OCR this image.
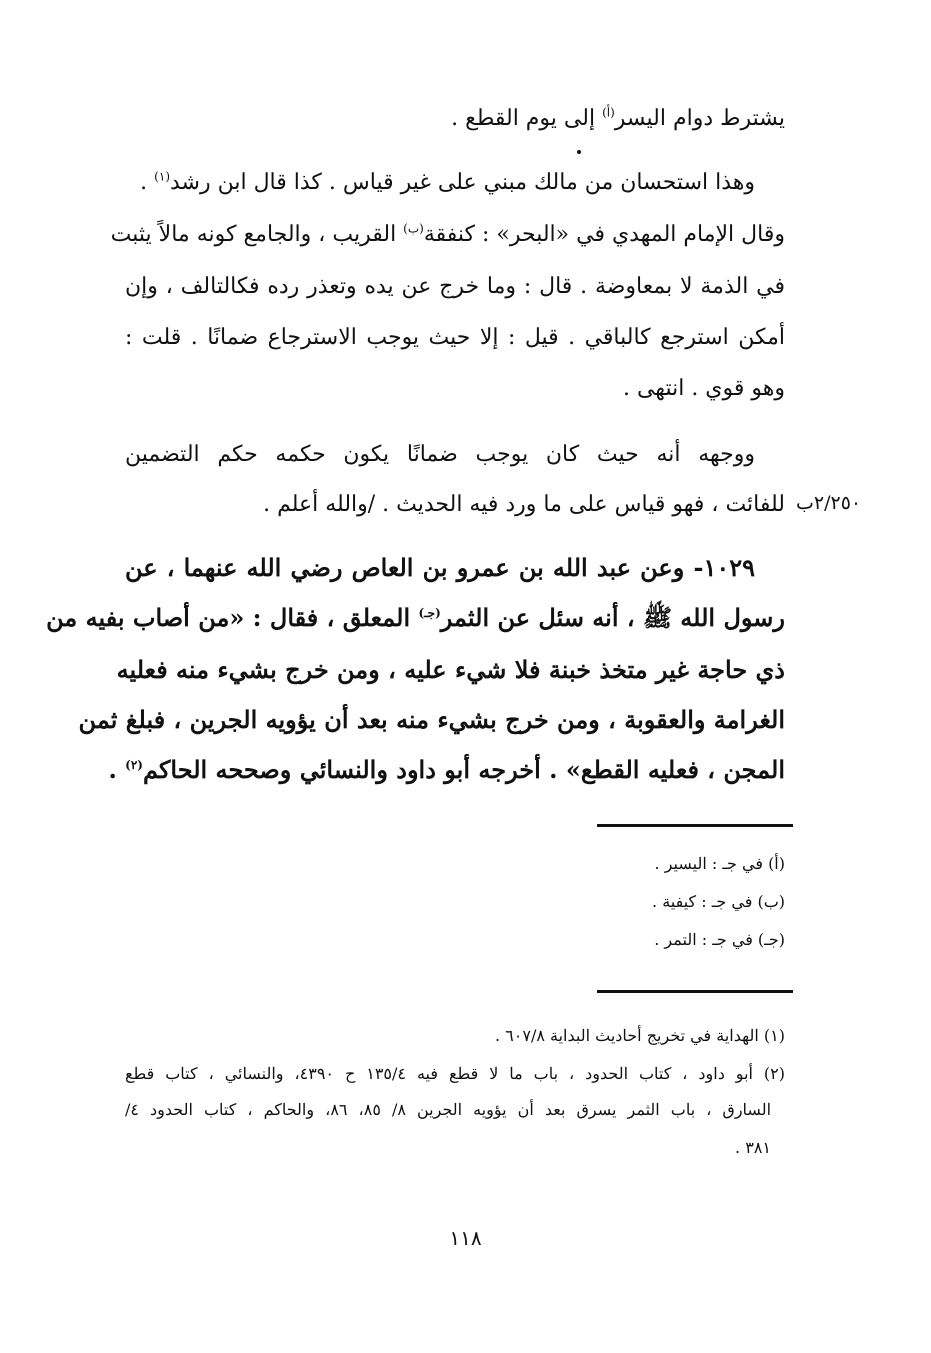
يشترط دوام اليسر$^{(أ)}$ إلى يوم القطع .
وهذا استحسان من مالك مبني على غير قياس . كذا قال ابن رشد$^{(١)}$ .
وقال الإمام المهدي في «البحر» : كنفقة$^{(ب)}$ القريب ، والجامع كونه مالاً يثبت
في الذمة لا بمعاوضة . قال : وما خرج عن يده وتعذر رده فكالتالف ، وإن
أمكن استرجع كالباقي . قيل : إلا حيث يوجب الاسترجاع ضمانًا . قلت :
وهو قوي . انتهى .
ووجهه أنه حيث كان يوجب ضمانًا يكون حكمه حكم التضمين
للفائت ، فهو قياس على ما ورد فيه الحديث . /والله أعلم . ٢/٢٥٠ب
١٠٢٩- وعن عبد الله بن عمرو بن العاص رضي الله عنهما ، عن
رسول الله ﷺ ، أنه سئل عن الثمر$^{(جـ)}$ المعلق ، فقال : «من أصاب بفيه من
ذي حاجة غير متخذ خبنة فلا شيء عليه ، ومن خرج بشيء منه فعليه
الغرامة والعقوبة ، ومن خرج بشيء منه بعد أن يؤويه الجرين ، فبلغ ثمن
المجن ، فعليه القطع» . أخرجه أبو داود والنسائي وصححه الحاكم$^{(٢)}$ .
(أ) في جـ : اليسير .
(ب) في جـ : كيفية .
(جـ) في جـ : التمر .
(١) الهداية في تخريج أحاديث البداية ٦٠٧/٨ .
(٢) أبو داود ، كتاب الحدود ، باب ما لا قطع فيه ١٣٥/٤ ح ٤٣٩٠، والنسائي ، كتاب قطع
السارق ، باب الثمر يسرق بعد أن يؤويه الجرين ٨/ ٨٥، ٨٦، والحاكم ، كتاب الحدود ٤/
٣٨١ .
١١٨
